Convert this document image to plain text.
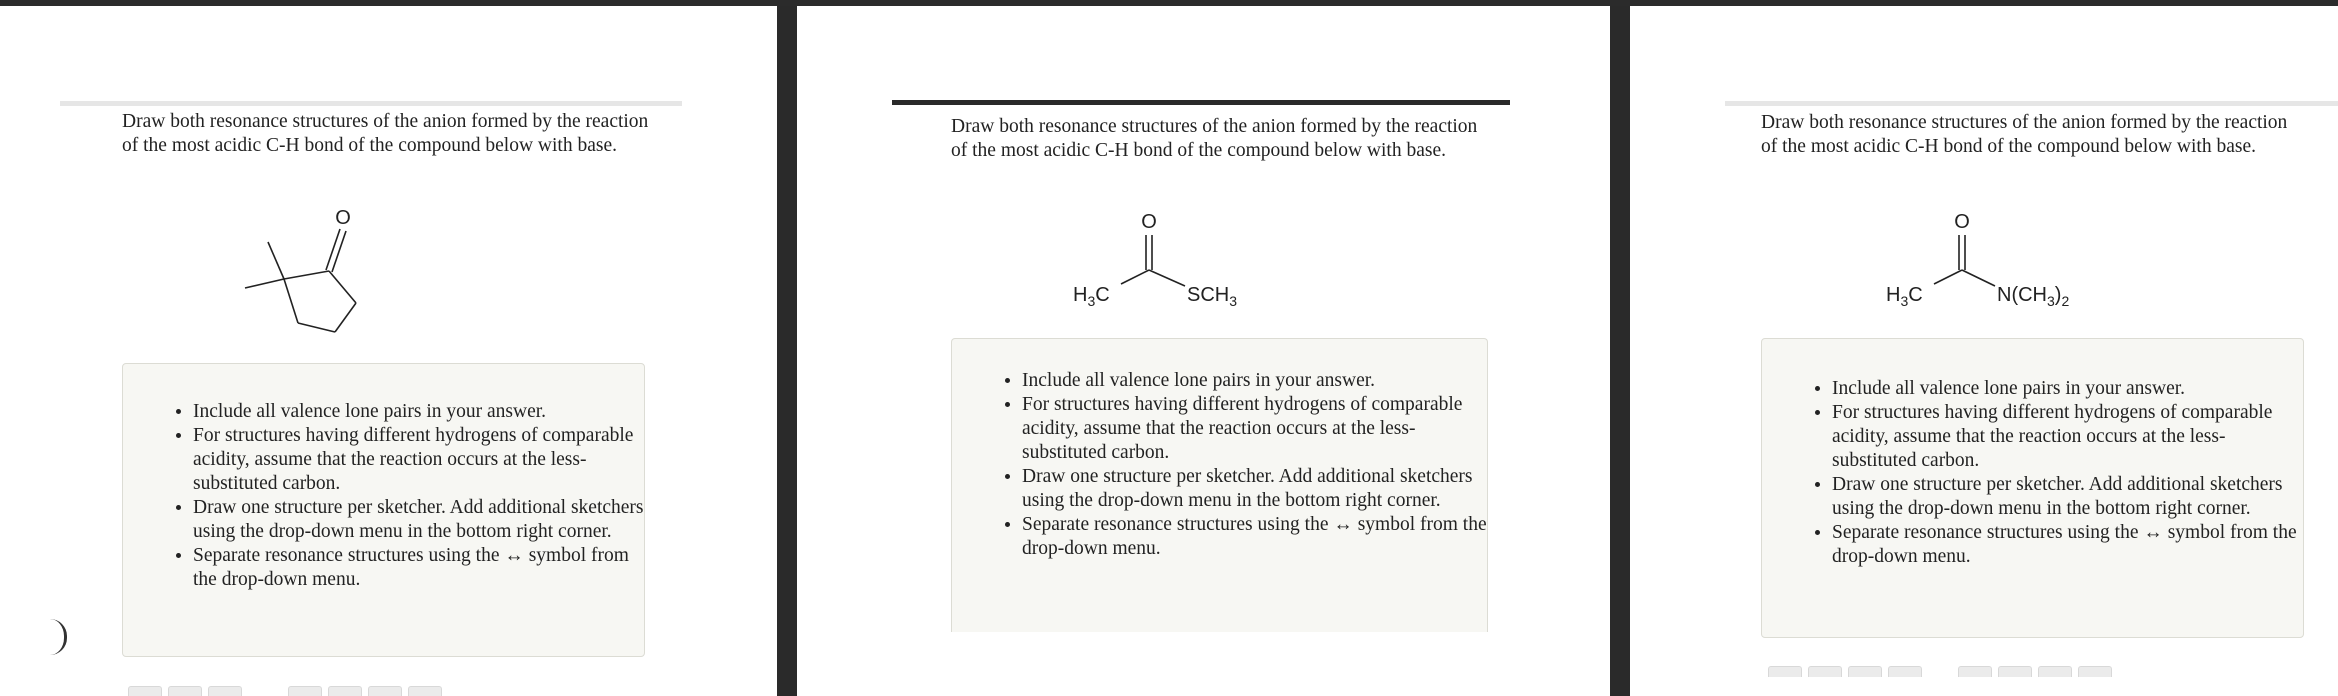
Draw both resonance structures of the anion formed by the reaction of the most acidic C-H bond of the compound below with base.
O
• Include all valence lone pairs in your answer.
• For structures having different hydrogens of comparable acidity, assume that the reaction occurs at the less-substituted carbon.
• Draw one structure per sketcher. Add additional sketchers using the drop-down menu in the bottom right corner.
• Separate resonance structures using the ↔ symbol from the drop-down menu.
Draw both resonance structures of the anion formed by the reaction of the most acidic C-H bond of the compound below with base.
O
$H_3C$	$SCH_3$
• Include all valence lone pairs in your answer.
• For structures having different hydrogens of comparable acidity, assume that the reaction occurs at the less-substituted carbon.
• Draw one structure per sketcher. Add additional sketchers using the drop-down menu in the bottom right corner.
• Separate resonance structures using the ↔ symbol from the drop-down menu.
Draw both resonance structures of the anion formed by the reaction of the most acidic C-H bond of the compound below with base.
O
$H_3C$	$N(CH_3)_2$
• Include all valence lone pairs in your answer.
• For structures having different hydrogens of comparable acidity, assume that the reaction occurs at the less-substituted carbon.
• Draw one structure per sketcher. Add additional sketchers using the drop-down menu in the bottom right corner.
• Separate resonance structures using the ↔ symbol from the drop-down menu.
